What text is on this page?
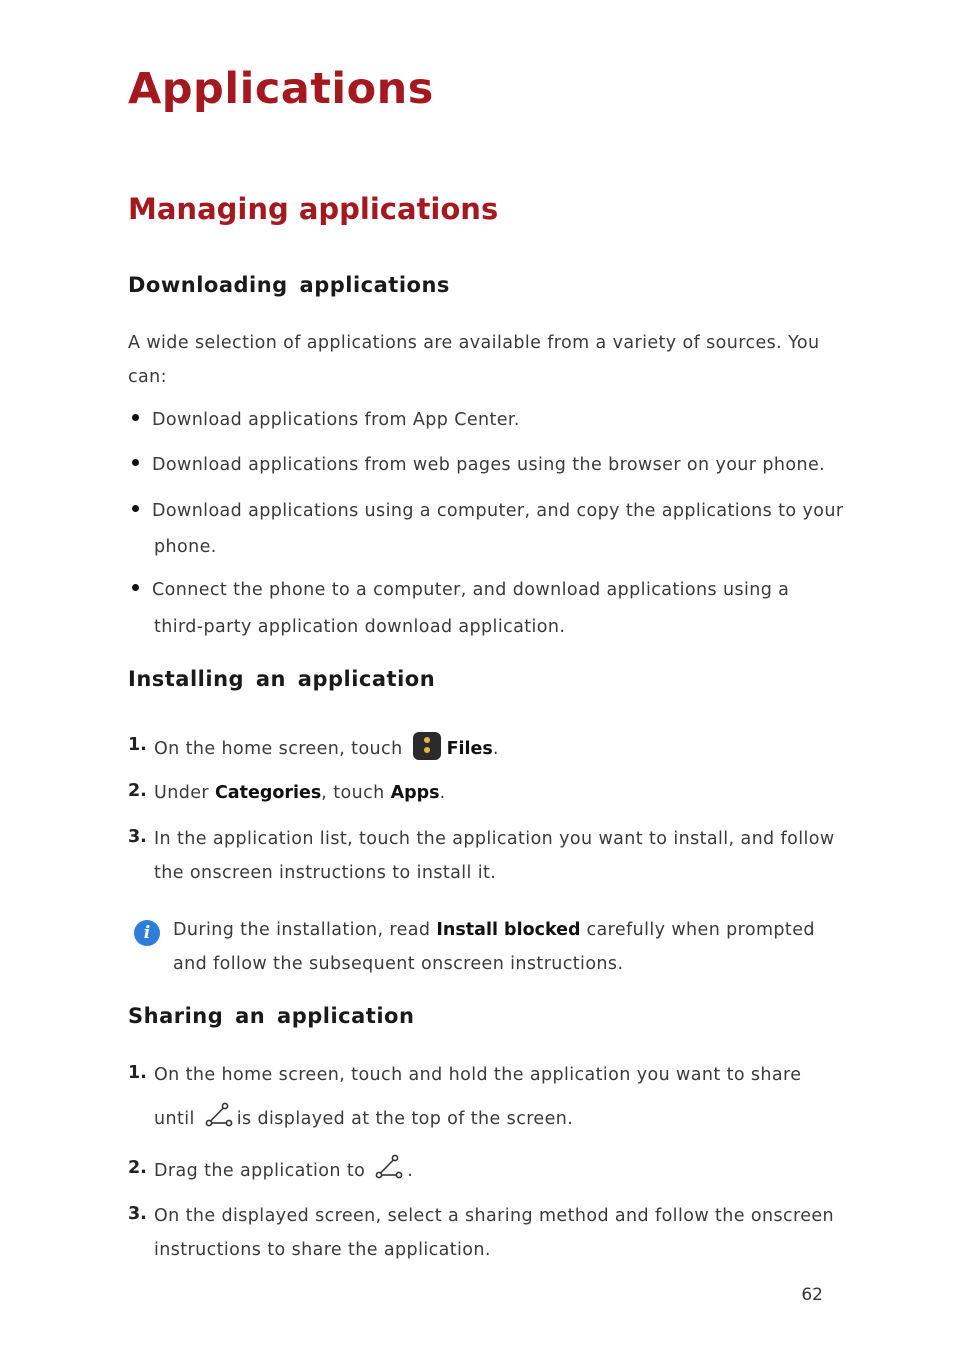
Applications
Managing applications
Downloading applications

A wide selection of applications are available from a variety of sources. You

can:

Download applications from App Center.

Download applications from web pages using the browser on your phone.

Download applications using a computer, and copy the applications to your

phone.

Connect the phone to a computer, and download applications using a

third-party application download application.

Installing an application
1. On the home screen, touch	Files.

2. Under Categories, touch Apps.

3. In the application list, touch the application you want to install, and follow

the onscreen instructions to install it.

i	During the installation, read Install blocked carefully when prompted

and follow the subsequent onscreen instructions.

Sharing an application
1. On the home screen, touch and hold the application you want to share

until is displayed at the top of the screen.

2. Drag the application to .

3. On the displayed screen, select a sharing method and follow the onscreen

instructions to share the application.

62
